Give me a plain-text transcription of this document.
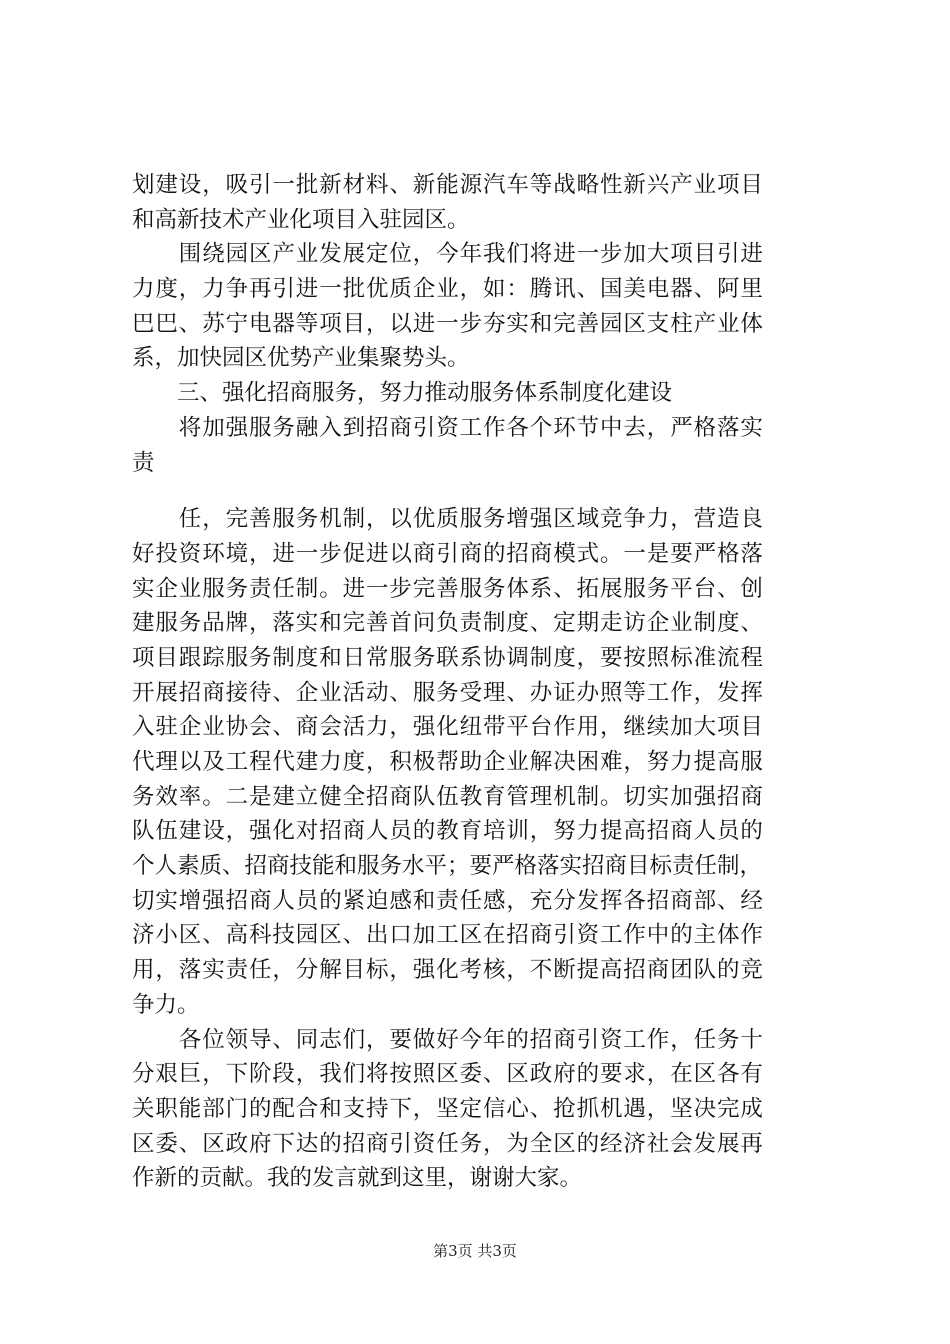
划建设，吸引一批新材料、新能源汽车等战略性新兴产业项目
和高新技术产业化项目入驻园区。
　　围绕园区产业发展定位，今年我们将进一步加大项目引进
力度，力争再引进一批优质企业，如：腾讯、国美电器、阿里
巴巴、苏宁电器等项目，以进一步夯实和完善园区支柱产业体
系，加快园区优势产业集聚势头。
　　三、强化招商服务，努力推动服务体系制度化建设
　　将加强服务融入到招商引资工作各个环节中去，严格落实
责
　　任，完善服务机制，以优质服务增强区域竞争力，营造良
好投资环境，进一步促进以商引商的招商模式。一是要严格落
实企业服务责任制。进一步完善服务体系、拓展服务平台、创
建服务品牌，落实和完善首问负责制度、定期走访企业制度、
项目跟踪服务制度和日常服务联系协调制度，要按照标准流程
开展招商接待、企业活动、服务受理、办证办照等工作，发挥
入驻企业协会、商会活力，强化纽带平台作用，继续加大项目
代理以及工程代建力度，积极帮助企业解决困难，努力提高服
务效率。二是建立健全招商队伍教育管理机制。切实加强招商
队伍建设，强化对招商人员的教育培训，努力提高招商人员的
个人素质、招商技能和服务水平；要严格落实招商目标责任制，
切实增强招商人员的紧迫感和责任感，充分发挥各招商部、经
济小区、高科技园区、出口加工区在招商引资工作中的主体作
用，落实责任，分解目标，强化考核，不断提高招商团队的竞
争力。
　　各位领导、同志们，要做好今年的招商引资工作，任务十
分艰巨，下阶段，我们将按照区委、区政府的要求，在区各有
关职能部门的配合和支持下，坚定信心、抢抓机遇，坚决完成
区委、区政府下达的招商引资任务，为全区的经济社会发展再
作新的贡献。我的发言就到这里，谢谢大家。
第3页 共3页
